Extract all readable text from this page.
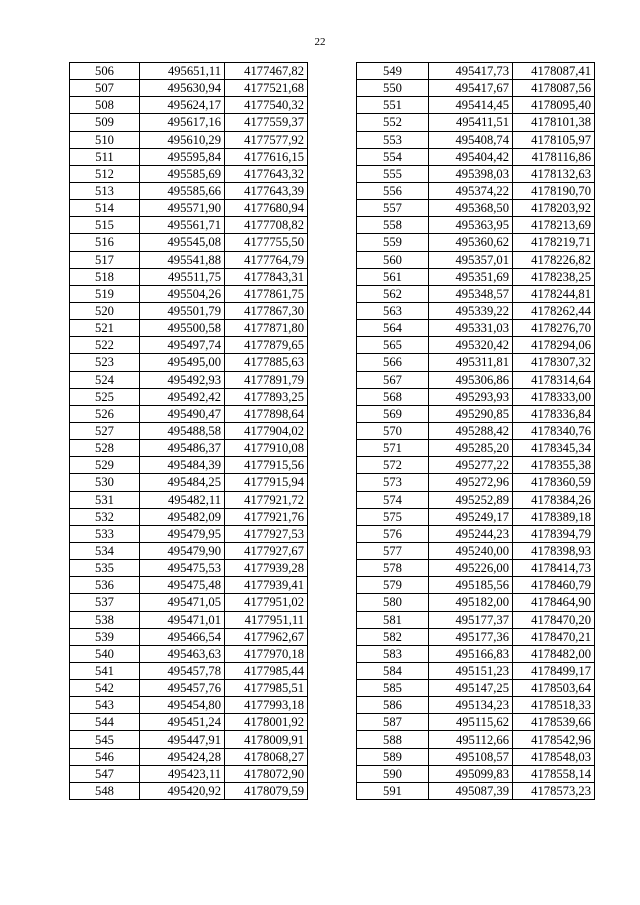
22
506	495651,11	4177467,82
507	495630,94	4177521,68
508	495624,17	4177540,32
509	495617,16	4177559,37
510	495610,29	4177577,92
511	495595,84	4177616,15
512	495585,69	4177643,32
513	495585,66	4177643,39
514	495571,90	4177680,94
515	495561,71	4177708,82
516	495545,08	4177755,50
517	495541,88	4177764,79
518	495511,75	4177843,31
519	495504,26	4177861,75
520	495501,79	4177867,30
521	495500,58	4177871,80
522	495497,74	4177879,65
523	495495,00	4177885,63
524	495492,93	4177891,79
525	495492,42	4177893,25
526	495490,47	4177898,64
527	495488,58	4177904,02
528	495486,37	4177910,08
529	495484,39	4177915,56
530	495484,25	4177915,94
531	495482,11	4177921,72
532	495482,09	4177921,76
533	495479,95	4177927,53
534	495479,90	4177927,67
535	495475,53	4177939,28
536	495475,48	4177939,41
537	495471,05	4177951,02
538	495471,01	4177951,11
539	495466,54	4177962,67
540	495463,63	4177970,18
541	495457,78	4177985,44
542	495457,76	4177985,51
543	495454,80	4177993,18
544	495451,24	4178001,92
545	495447,91	4178009,91
546	495424,28	4178068,27
547	495423,11	4178072,90
548	495420,92	4178079,59
549	495417,73	4178087,41
550	495417,67	4178087,56
551	495414,45	4178095,40
552	495411,51	4178101,38
553	495408,74	4178105,97
554	495404,42	4178116,86
555	495398,03	4178132,63
556	495374,22	4178190,70
557	495368,50	4178203,92
558	495363,95	4178213,69
559	495360,62	4178219,71
560	495357,01	4178226,82
561	495351,69	4178238,25
562	495348,57	4178244,81
563	495339,22	4178262,44
564	495331,03	4178276,70
565	495320,42	4178294,06
566	495311,81	4178307,32
567	495306,86	4178314,64
568	495293,93	4178333,00
569	495290,85	4178336,84
570	495288,42	4178340,76
571	495285,20	4178345,34
572	495277,22	4178355,38
573	495272,96	4178360,59
574	495252,89	4178384,26
575	495249,17	4178389,18
576	495244,23	4178394,79
577	495240,00	4178398,93
578	495226,00	4178414,73
579	495185,56	4178460,79
580	495182,00	4178464,90
581	495177,37	4178470,20
582	495177,36	4178470,21
583	495166,83	4178482,00
584	495151,23	4178499,17
585	495147,25	4178503,64
586	495134,23	4178518,33
587	495115,62	4178539,66
588	495112,66	4178542,96
589	495108,57	4178548,03
590	495099,83	4178558,14
591	495087,39	4178573,23
